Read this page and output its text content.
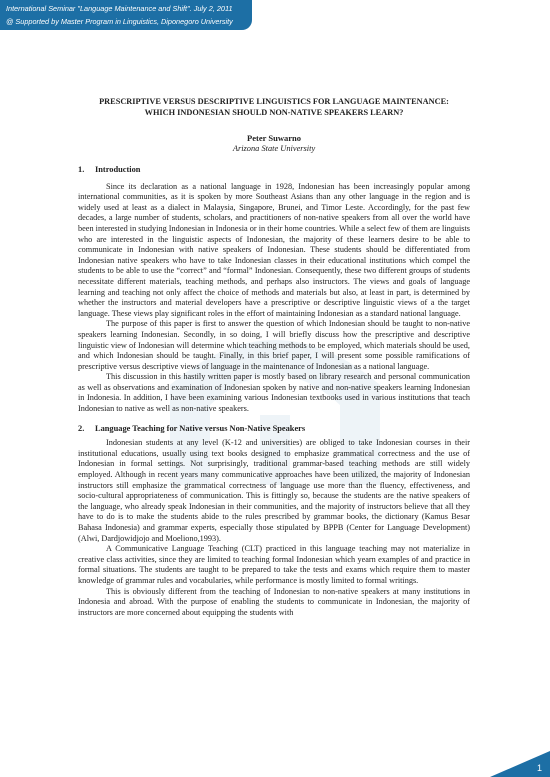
International Seminar "Language Maintenance and Shift". July 2, 2011
@ Supported by Master Program in Linguistics, Diponegoro University

PRESCRIPTIVE VERSUS DESCRIPTIVE LINGUISTICS FOR LANGUAGE MAINTENANCE:
WHICH INDONESIAN SHOULD NON-NATIVE SPEAKERS LEARN?

Peter Suwarno
Arizona State University
1. Introduction

Since its declaration as a national language in 1928, Indonesian has been increasingly popular among international communities, as it is spoken by more Southeast Asians than any other language in the region and is widely used at least as a dialect in Malaysia, Singapore, Brunei, and Timor Leste. Accordingly, for the past few decades, a large number of students, scholars, and practitioners of non-native speakers from all over the world have been interested in studying Indonesian in Indonesia or in their home countries. While a select few of them are linguists who are interested in the linguistic aspects of Indonesian, the majority of these learners desire to be able to communicate in Indonesian with native speakers of Indonesian. These students should be differentiated from Indonesian native speakers who have to take Indonesian classes in their educational institutions which compel the students to be able to use the “correct” and “formal” Indonesian. Consequently, these two different groups of students necessitate different materials, teaching methods, and perhaps also instructors. The views and goals of language learning and teaching not only affect the choice of methods and materials but also, at least in part, is determined by whether the instructors and material developers have a prescriptive or descriptive linguistic views of a the target language. These views play significant roles in the effort of maintaining Indonesian as a standard national language.

The purpose of this paper is first to answer the question of which Indonesian should be taught to non-native speakers learning Indonesian. Secondly, in so doing, I will briefly discuss how the prescriptive and descriptive linguistic view of Indonesian will determine which teaching methods to be employed, which materials should be used, and which Indonesian should be taught. Finally, in this brief paper, I will present some possible ramifications of prescriptive versus descriptive views of language in the maintenance of Indonesian as a national language.

This discussion in this hastily written paper is mostly based on library research and personal communication as well as observations and examination of Indonesian spoken by native and non-native speakers learning Indonesian in Indonesia. In addition, I have been examining various Indonesian textbooks used in various institutions that teach Indonesian to native as well as non-native speakers.

2. Language Teaching for Native versus Non-Native Speakers

Indonesian students at any level (K-12 and universities) are obliged to take Indonesian courses in their institutional educations, usually using text books designed to emphasize grammatical correctness and the use of Indonesian in formal settings. Not surprisingly, traditional grammar-based teaching methods are still widely employed. Although in recent years many communicative approaches have been utilized, the majority of Indonesian instructors still emphasize the grammatical correctness of language use more than the fluency, effectiveness, and socio-cultural appropriateness of communication. This is fittingly so, because the students are the native speakers of the language, who already speak Indonesian in their communities, and the majority of instructors believe that all they have to do is to make the students abide to the rules prescribed by grammar books, the dictionary (Kamus Besar Bahasa Indonesia) and grammar experts, especially those stipulated by BPPB (Center for Language Development) (Alwi, Dardjowidjojo and Moeliono,1993).

A Communicative Language Teaching (CLT) practiced in this language teaching may not materialize in creative class activities, since they are limited to teaching formal Indonesian which yearn examples of and practice in formal situations. The students are taught to be prepared to take the tests and exams which require them to master knowledge of grammar rules and vocabularies, while performance is mostly limited to formal writings.

This is obviously different from the teaching of Indonesian to non-native speakers at many institutions in Indonesia and abroad. With the purpose of enabling the students to communicate in Indonesian, the majority of instructors are more concerned about equipping the students with

1
